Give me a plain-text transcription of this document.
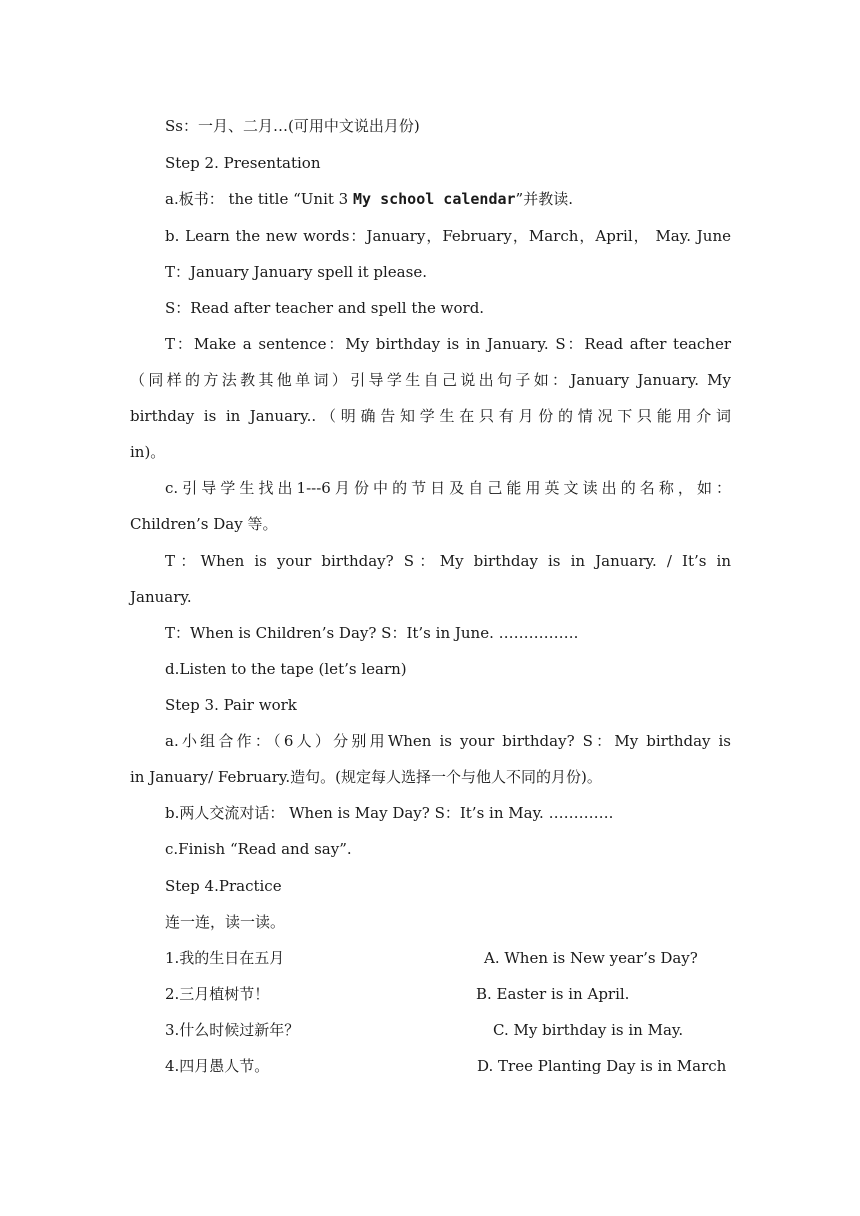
Ss：一月、二月…(可用中文说出月份)
Step 2. Presentation
a.板书： the title “Unit 3 My school calendar”并教读.
b. Learn the new words：January，February，March，April， May. June
T：January January spell it please.
S：Read after teacher and spell the word.
T：Make a sentence：My birthday is in January. S：Read after teacher
（同样的方法教其他单词）引导学生自己说出句子如：January January. My
birthday is in January..（明确告知学生在只有月份的情况下只能用介词
in)。
c.引导学生找出1---6月份中的节日及自己能用英文读出的名称，如：
Children’s Day 等。
T：When is your birthday? S：My birthday is in January. / It’s in
January.
T：When is Children’s Day? S：It’s in June. …………….
d.Listen to the tape (let’s learn)
Step 3. Pair work
a.小组合作：（6人）分别用When is your birthday? S：My birthday is
in January/ February.造句。(规定每人选择一个与他人不同的月份)。
b.两人交流对话： When is May Day? S：It’s in May. ………….
c.Finish “Read and say”.
Step 4.Practice
连一连，读一读。
1.我的生日在五月	A. When is New year’s Day?
2.三月植树节！	B. Easter is in April.
3.什么时候过新年？	C. My birthday is in May.
4.四月愚人节。	D. Tree Planting Day is in March
